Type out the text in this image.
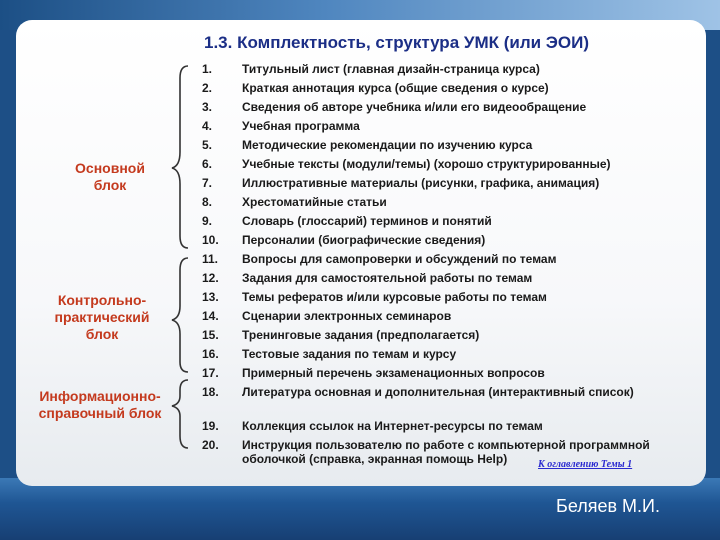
1.3. Комплектность, структура УМК (или ЭОИ)
Основной
блок
Контрольно-
практический
блок
Информационно-
справочный блок
1.	Титульный лист (главная дизайн-страница курса)
2.	Краткая аннотация курса (общие сведения о курсе)
3.	Сведения об авторе учебника и/или его видеообращение
4.	Учебная программа
5.	Методические рекомендации по изучению курса
6.	Учебные тексты (модули/темы) (хорошо структурированные)
7.	Иллюстративные материалы (рисунки, графика, анимация)
8.	Хрестоматийные статьи
9.	Словарь (глоссарий) терминов и понятий
10.	Персоналии (биографические сведения)
11.	Вопросы для самопроверки и обсуждений по темам
12.	Задания для самостоятельной работы по темам
13.	Темы рефератов и/или курсовые работы по темам
14.	Сценарии электронных семинаров
15.	Тренинговые задания (предполагается)
16.	Тестовые задания по темам и курсу
17.	Примерный перечень экзаменационных вопросов
18.	Литература основная и дополнительная (интерактивный список)
19.	Коллекция ссылок на Интернет-ресурсы по темам
20.	Инструкция пользователю по работе с компьютерной программной оболочкой (справка, экранная помощь Help)	К оглавлению Темы 1
Беляев М.И.
